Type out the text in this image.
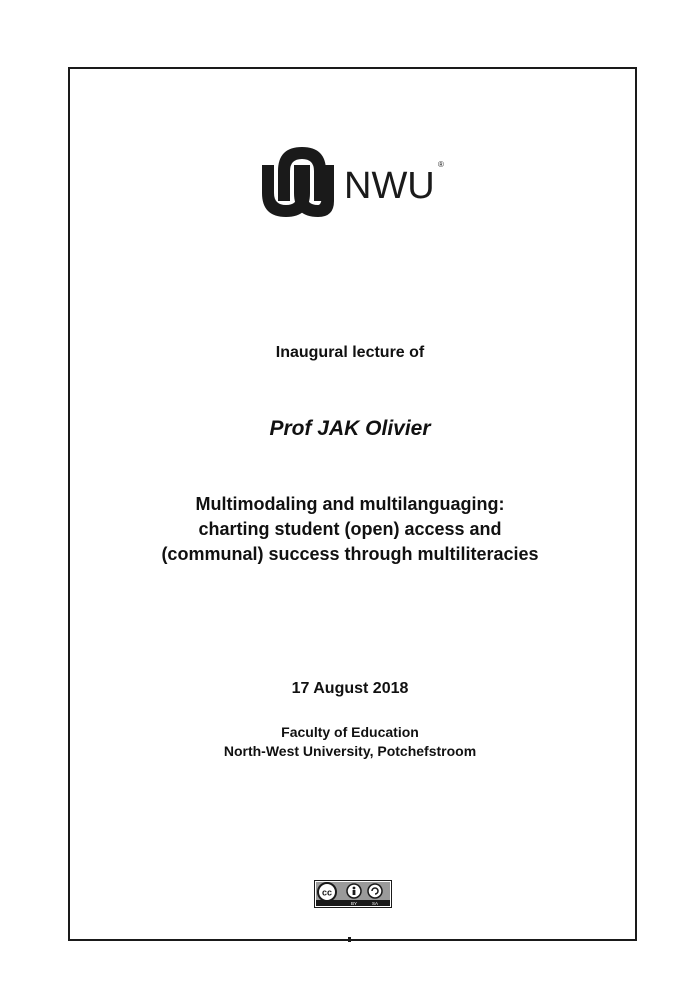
NWU
®
Inaugural lecture of
Prof JAK Olivier
Multimodaling and multilanguaging:
charting student (open) access and
(communal) success through multiliteracies
17 August 2018
Faculty of Education
North-West University, Potchefstroom
cc
BY	SA
